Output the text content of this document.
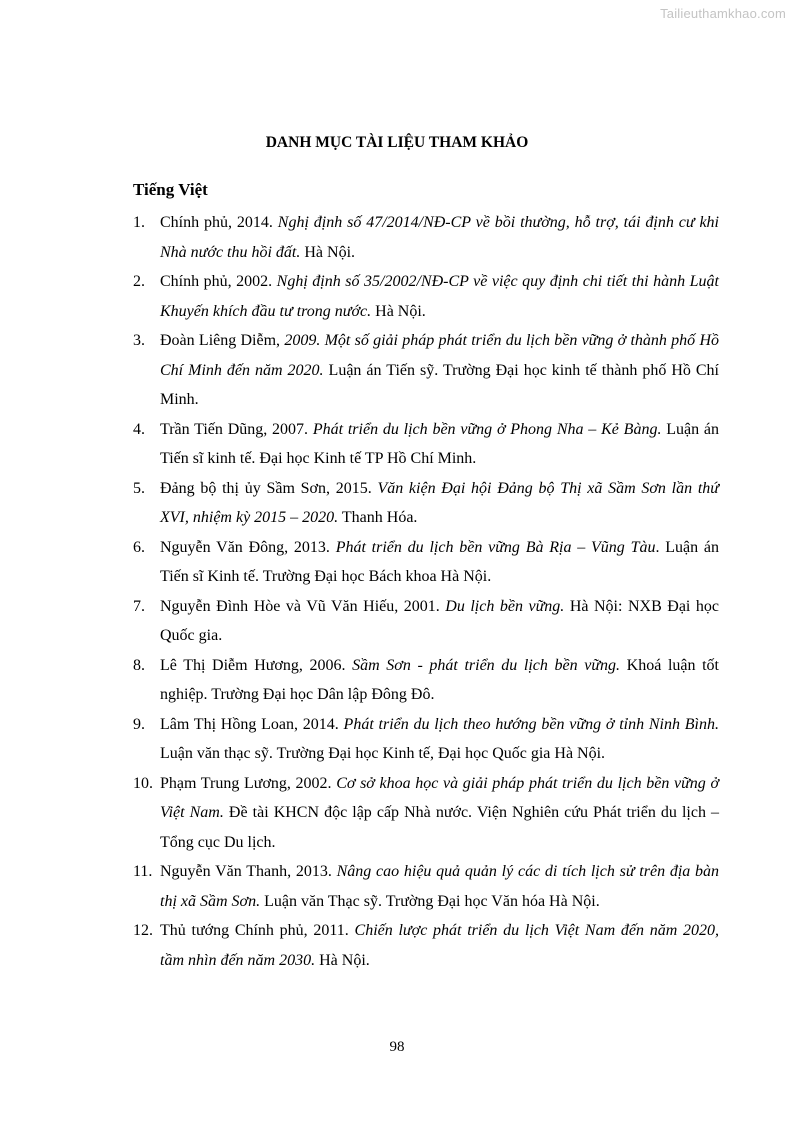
Tailieuthamkhao.com
DANH MỤC TÀI LIỆU THAM KHẢO
Tiếng Việt
1. Chính phủ, 2014. Nghị định số 47/2014/NĐ-CP về bồi thường, hỗ trợ, tái định cư khi Nhà nước thu hồi đất. Hà Nội.
2. Chính phủ, 2002. Nghị định số 35/2002/NĐ-CP về việc quy định chi tiết thi hành Luật Khuyến khích đầu tư trong nước. Hà Nội.
3. Đoàn Liêng Diễm, 2009. Một số giải pháp phát triển du lịch bền vững ở thành phố Hồ Chí Minh đến năm 2020. Luận án Tiến sỹ. Trường Đại học kinh tế thành phố Hồ Chí Minh.
4. Trần Tiến Dũng, 2007. Phát triển du lịch bền vững ở Phong Nha – Kẻ Bàng. Luận án Tiến sĩ kinh tế. Đại học Kinh tế TP Hồ Chí Minh.
5. Đảng bộ thị ủy Sầm Sơn, 2015. Văn kiện Đại hội Đảng bộ Thị xã Sầm Sơn lần thứ XVI, nhiệm kỳ 2015 – 2020. Thanh Hóa.
6. Nguyễn Văn Đông, 2013. Phát triển du lịch bền vững Bà Rịa – Vũng Tàu. Luận án Tiến sĩ Kinh tế. Trường Đại học Bách khoa Hà Nội.
7. Nguyễn Đình Hòe và Vũ Văn Hiếu, 2001. Du lịch bền vững. Hà Nội: NXB Đại học Quốc gia.
8. Lê Thị Diễm Hương, 2006. Sầm Sơn - phát triển du lịch bền vững. Khoá luận tốt nghiệp. Trường Đại học Dân lập Đông Đô.
9. Lâm Thị Hồng Loan, 2014. Phát triển du lịch theo hướng bền vững ở tỉnh Ninh Bình. Luận văn thạc sỹ. Trường Đại học Kinh tế, Đại học Quốc gia Hà Nội.
10. Phạm Trung Lương, 2002. Cơ sở khoa học và giải pháp phát triển du lịch bền vững ở Việt Nam. Đề tài KHCN độc lập cấp Nhà nước. Viện Nghiên cứu Phát triển du lịch – Tổng cục Du lịch.
11. Nguyễn Văn Thanh, 2013. Nâng cao hiệu quả quản lý các di tích lịch sử trên địa bàn thị xã Sầm Sơn. Luận văn Thạc sỹ. Trường Đại học Văn hóa Hà Nội.
12. Thủ tướng Chính phủ, 2011. Chiến lược phát triển du lịch Việt Nam đến năm 2020, tầm nhìn đến năm 2030. Hà Nội.
98
